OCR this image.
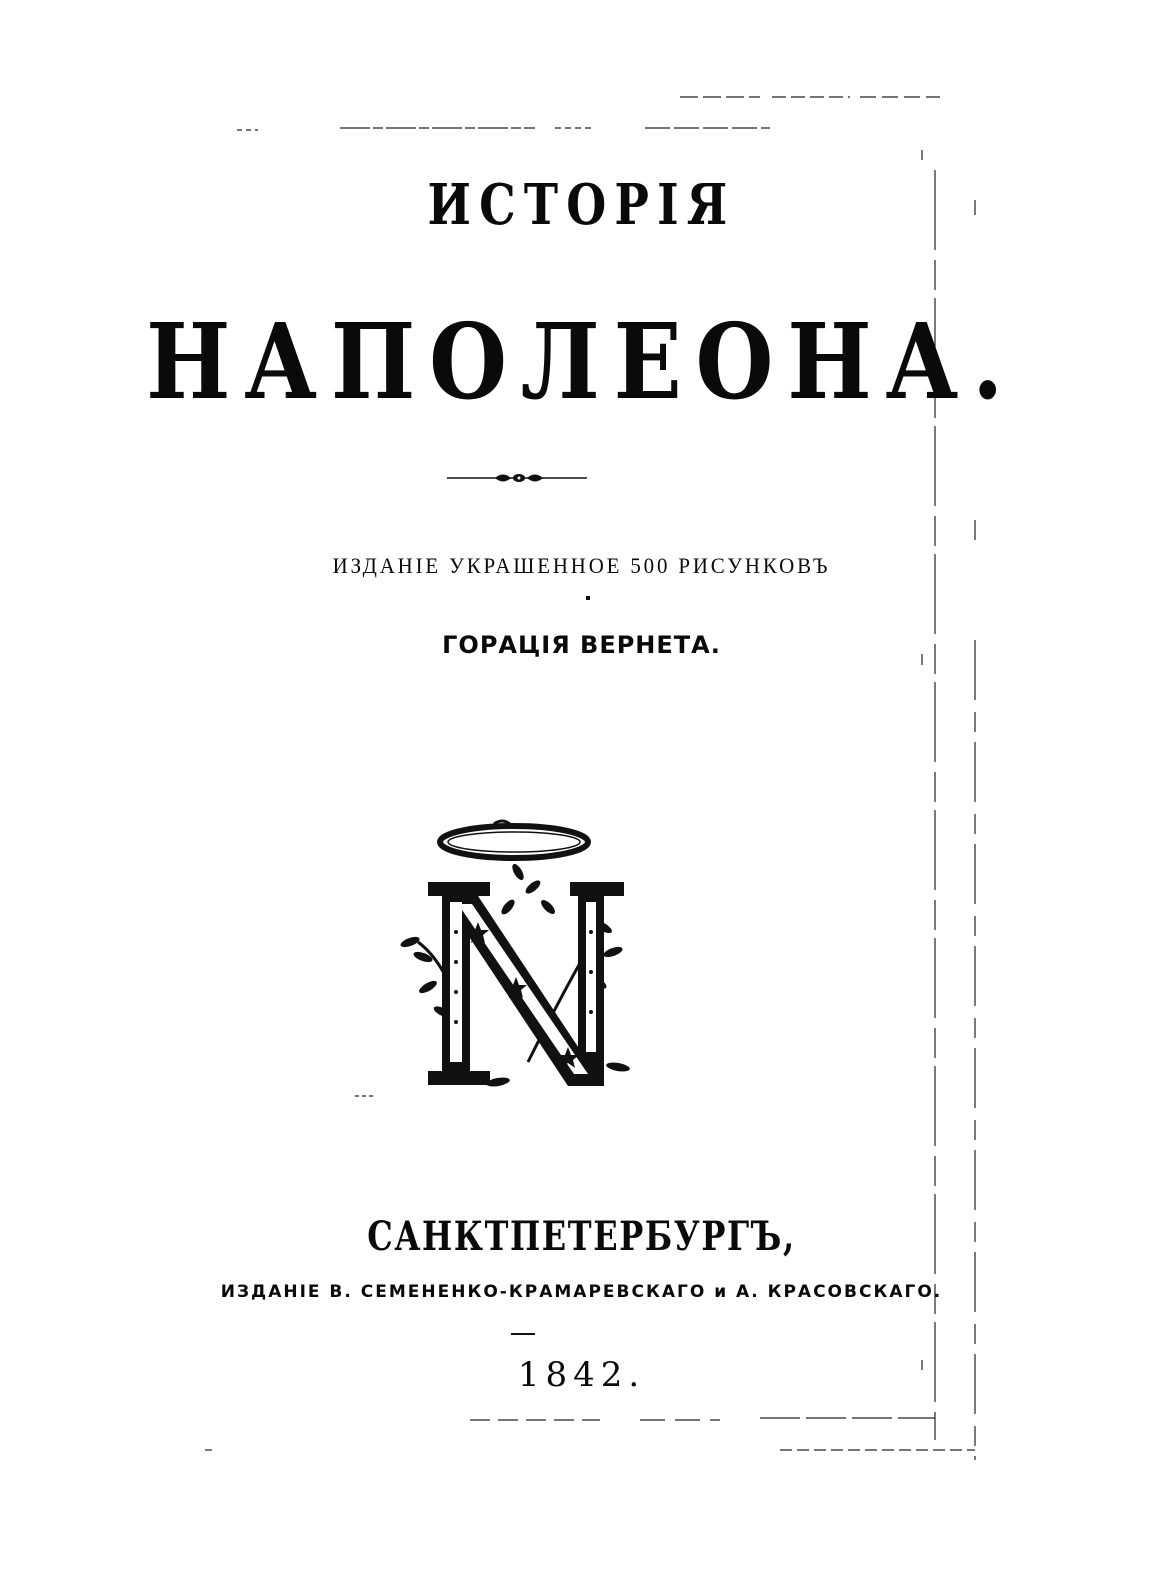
ИСТОРІЯ
НАПОЛЕОНА.
ИЗДАНІЕ УКРАШЕННОЕ 500 РИСУНКОВЪ
ГОРАЦІЯ ВЕРНЕТА.
САНКТПЕТЕРБУРГЪ,
ИЗДАНІЕ В. СЕМЕНЕНКО-КРАМАРЕВСКАГО и А. КРАСОВСКАГО.
1842.
